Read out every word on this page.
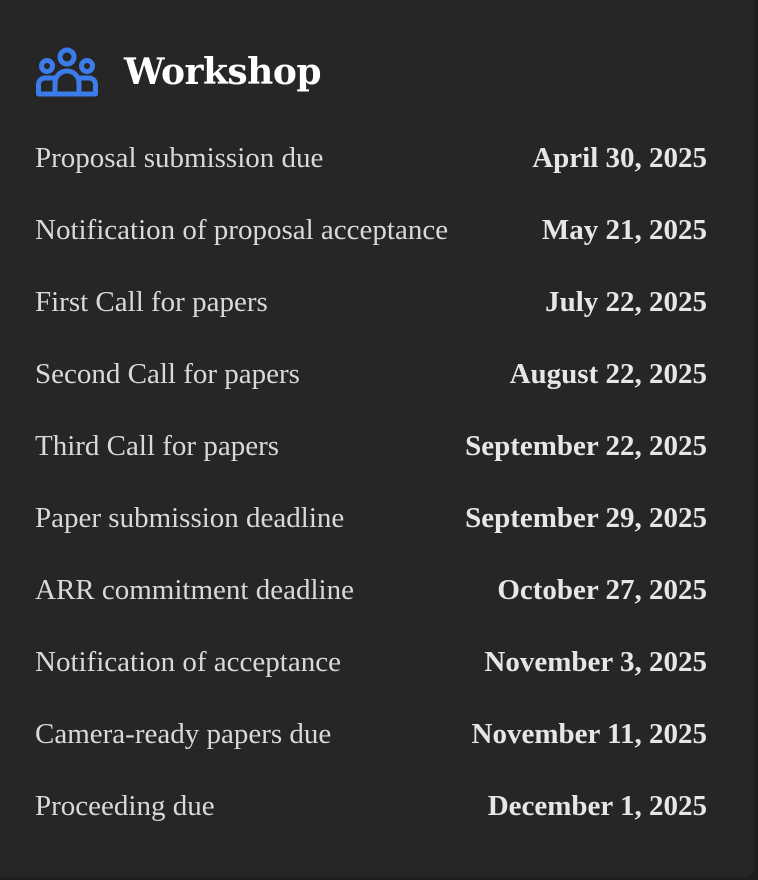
Workshop
Proposal submission due	April 30, 2025
Notification of proposal acceptance	May 21, 2025
First Call for papers	July 22, 2025
Second Call for papers	August 22, 2025
Third Call for papers	September 22, 2025
Paper submission deadline	September 29, 2025
ARR commitment deadline	October 27, 2025
Notification of acceptance	November 3, 2025
Camera-ready papers due	November 11, 2025
Proceeding due	December 1, 2025
